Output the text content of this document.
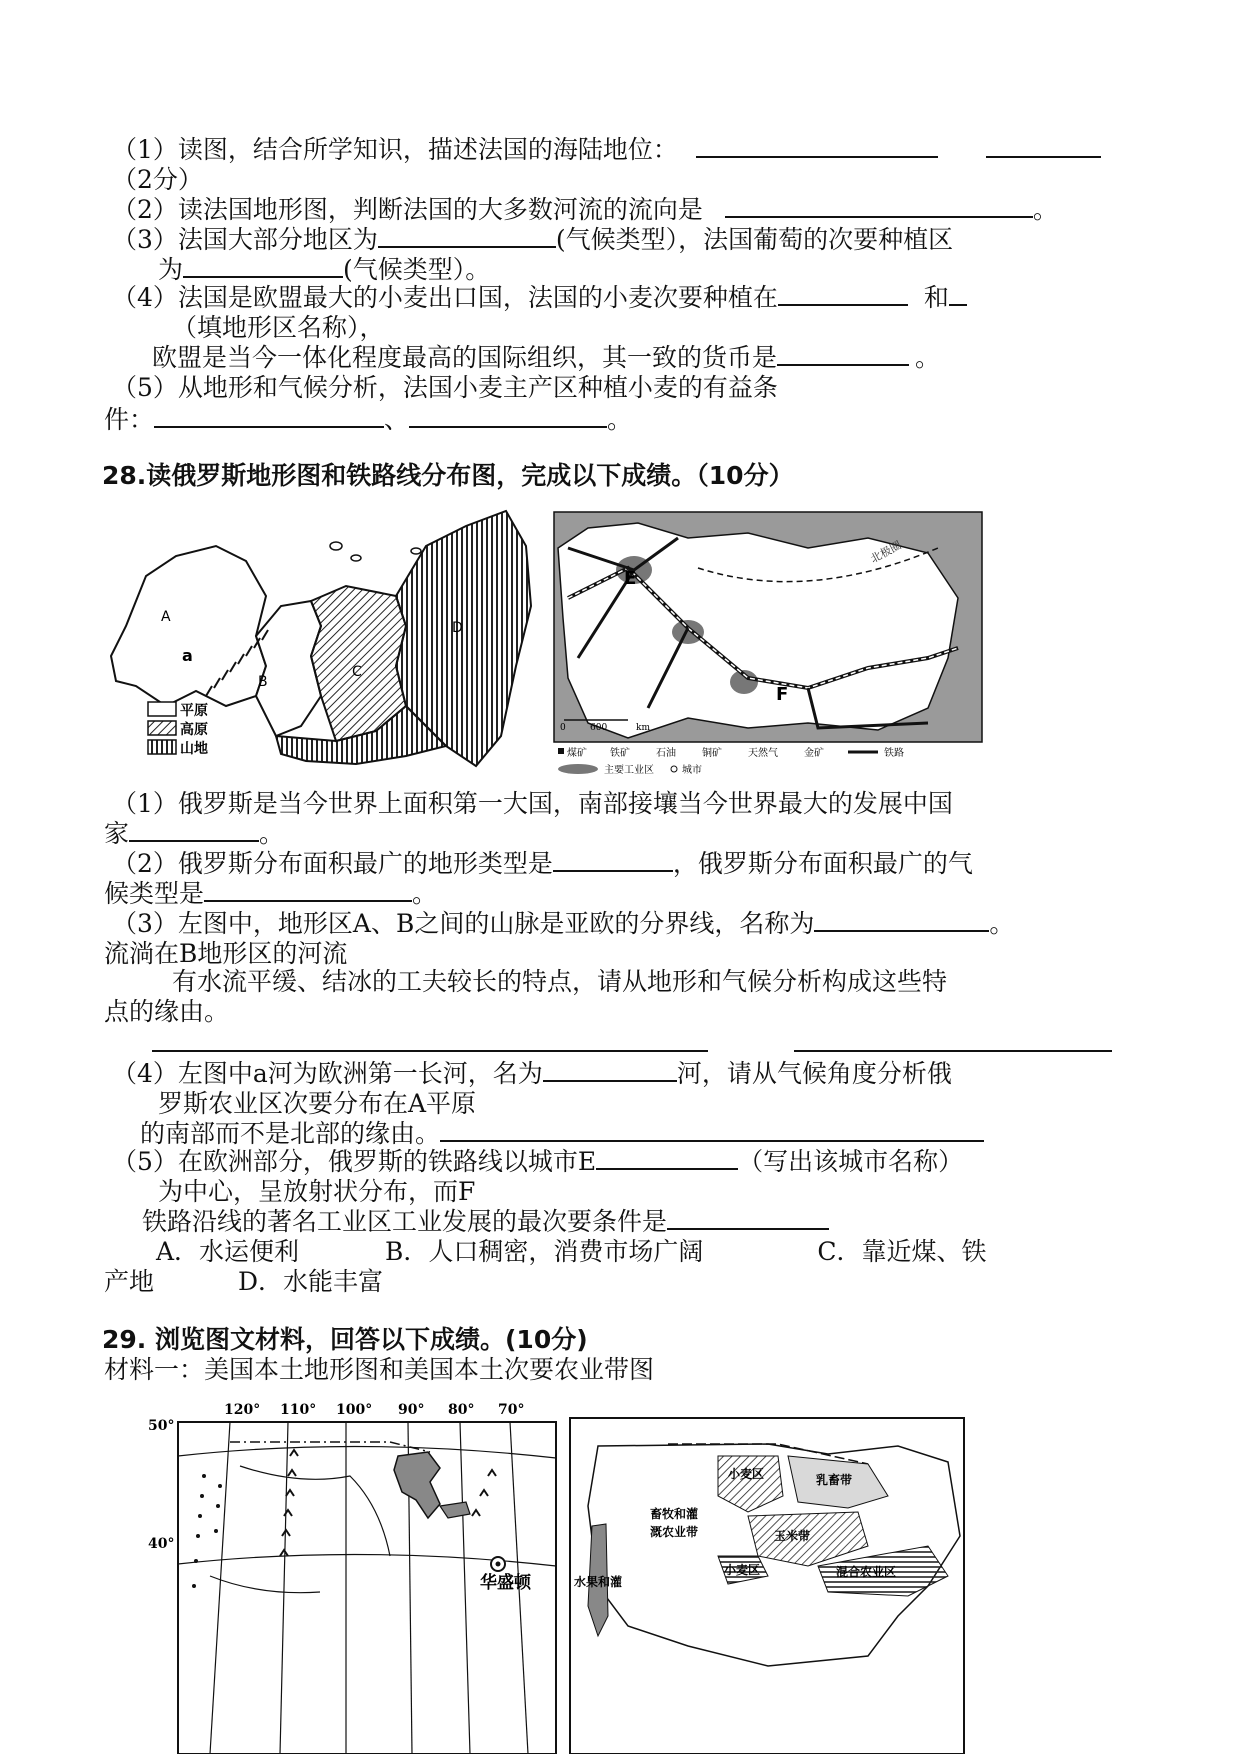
（1）读图，结合所学知识，描述法国的海陆地位：
（2分）
（2）读法国地形图，判断法国的大多数河流的流向是	。
（3）法国大部分地区为	(气候类型），法国葡萄的次要种植区
为	(气候类型）。
（4）法国是欧盟最大的小麦出口国，法国的小麦次要种植在	和
（填地形区名称），
欧盟是当今一体化程度最高的国际组织，其一致的货币是	。
（5）从地形和气候分析，法国小麦主产区种植小麦的有益条
件：	、	。
28.读俄罗斯地形图和铁路线分布图，完成以下成绩。（10分）
A
B
C
D
a
平原
高原
山地
北极圈
E
F
0	600	km
煤矿 铁矿	石油	铜矿	天然气	金矿	铁路
主要工业区	城市
（1）俄罗斯是当今世界上面积第一大国，南部接壤当今世界最大的发展中国
家	。
（2）俄罗斯分布面积最广的地形类型是	，俄罗斯分布面积最广的气
候类型是	。
（3）左图中，地形区A、B之间的山脉是亚欧的分界线，名称为	。
流淌在B地形区的河流
有水流平缓、结冰的工夫较长的特点，请从地形和气候分析构成这些特
点的缘由。

（4）左图中a河为欧洲第一长河，名为	河，请从气候角度分析俄
罗斯农业区次要分布在A平原
的南部而不是北部的缘由。
（5）在欧洲部分，俄罗斯的铁路线以城市E	（写出该城市名称）
为中心，呈放射状分布，而F
铁路沿线的著名工业区工业发展的最次要条件是
A．水运便利	B．人口稠密，消费市场广阔	C．靠近煤、铁
产地	D．水能丰富
29. 浏览图文材料，回答以下成绩。(10分)
材料一：美国本土地形图和美国本土次要农业带图
120° 110° 100° 90° 80° 70°
50°
40°
华盛顿
小麦区	乳畜带
畜牧和灌
溉农业带	玉米带
小麦区	混合农业区
水果和灌
